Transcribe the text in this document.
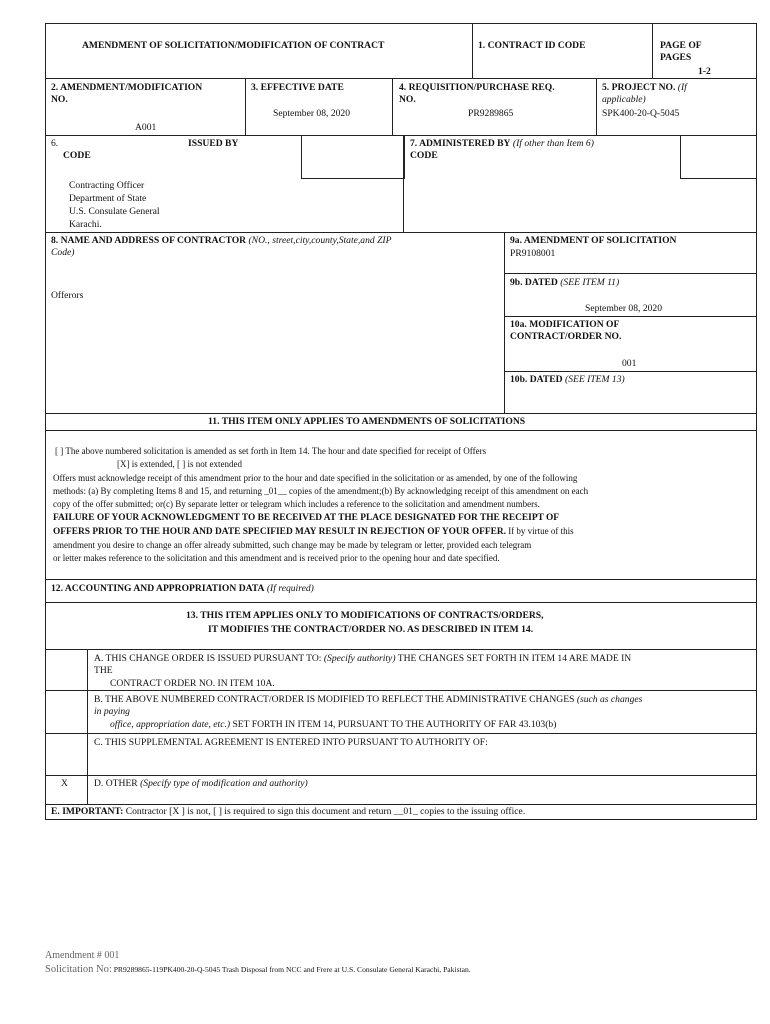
AMENDMENT OF SOLICITATION/MODIFICATION OF CONTRACT	1. CONTRACT ID CODE	PAGE OF
PAGES
1-2
2. AMENDMENT/MODIFICATION
NO.
A001
3. EFFECTIVE DATE
September 08, 2020
4. REQUISITION/PURCHASE REQ.
NO.
PR9289865
5. PROJECT NO. (If
applicable)
SPK400-20-Q-5045
6.	ISSUED BY
CODE
Contracting Officer
Department of State
U.S. Consulate General
Karachi.
7. ADMINISTERED BY (If other than Item 6)
CODE
8. NAME AND ADDRESS OF CONTRACTOR (NO., street,city,county,State,and ZIP
Code)
Offerors
9a. AMENDMENT OF SOLICITATION
PR9108001
9b. DATED (SEE ITEM 11)
September 08, 2020
10a. MODIFICATION OF
CONTRACT/ORDER NO.
001
10b. DATED (SEE ITEM 13)
11. THIS ITEM ONLY APPLIES TO AMENDMENTS OF SOLICITATIONS
[ ] The above numbered solicitation is amended as set forth in Item 14. The hour and date specified for receipt of Offers
[X] is extended, [ ] is not extended
Offers must acknowledge receipt of this amendment prior to the hour and date specified in the solicitation or as amended, by one of the following
methods: (a) By completing Items 8 and 15, and returning _01__ copies of the amendment;(b) By acknowledging receipt of this amendment on each
copy of the offer submitted; or(c) By separate letter or telegram which includes a reference to the solicitation and amendment numbers.
FAILURE OF YOUR ACKNOWLEDGMENT TO BE RECEIVED AT THE PLACE DESIGNATED FOR THE RECEIPT OF
OFFERS PRIOR TO THE HOUR AND DATE SPECIFIED MAY RESULT IN REJECTION OF YOUR OFFER. If by virtue of this
amendment you desire to change an offer already submitted, such change may be made by telegram or letter, provided each telegram
or letter makes reference to the solicitation and this amendment and is received prior to the opening hour and date specified.
12. ACCOUNTING AND APPROPRIATION DATA (If required)
13. THIS ITEM APPLIES ONLY TO MODIFICATIONS OF CONTRACTS/ORDERS,
IT MODIFIES THE CONTRACT/ORDER NO. AS DESCRIBED IN ITEM 14.
A. THIS CHANGE ORDER IS ISSUED PURSUANT TO: (Specify authority) THE CHANGES SET FORTH IN ITEM 14 ARE MADE IN
THE
CONTRACT ORDER NO. IN ITEM 10A.
B. THE ABOVE NUMBERED CONTRACT/ORDER IS MODIFIED TO REFLECT THE ADMINISTRATIVE CHANGES (such as changes
in paying
office, appropriation date, etc.) SET FORTH IN ITEM 14, PURSUANT TO THE AUTHORITY OF FAR 43.103(b)
C. THIS SUPPLEMENTAL AGREEMENT IS ENTERED INTO PURSUANT TO AUTHORITY OF:
X	D. OTHER (Specify type of modification and authority)
E. IMPORTANT: Contractor [X ] is not, [ ] is required to sign this document and return __01_ copies to the issuing office.
Amendment # 001
Solicitation No: PR9289865-119PK400-20-Q-5045 Trash Disposal from NCC and Frere at U.S. Consulate General Karachi, Pakistan.
